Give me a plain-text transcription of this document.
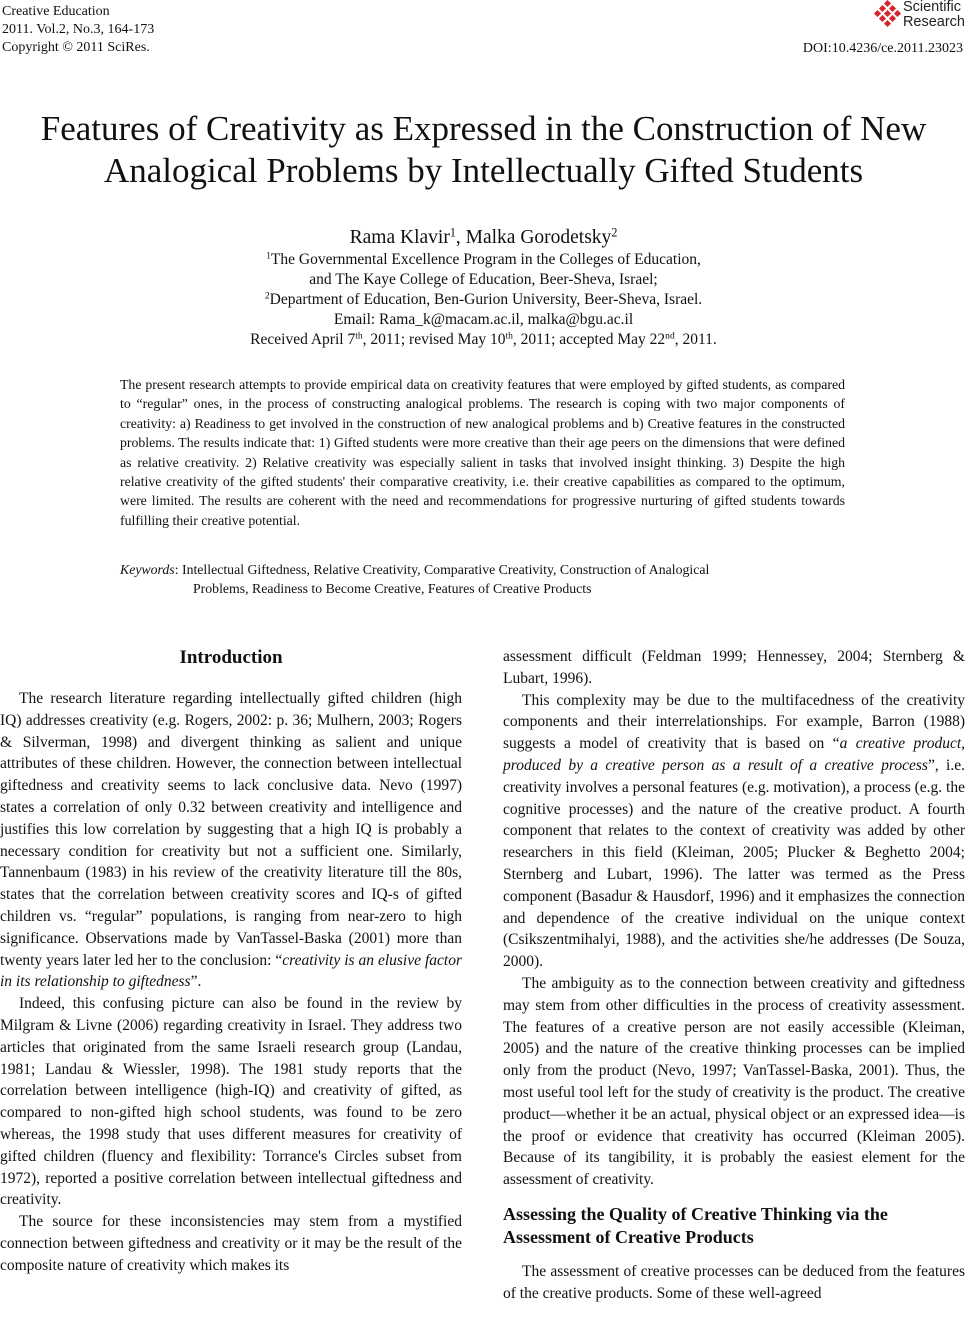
Creative Education
2011. Vol.2, No.3, 164-173
Copyright © 2011 SciRes.
Scientific
Research
DOI:10.4236/ce.2011.23023
Features of Creativity as Expressed in the Construction of New
Analogical Problems by Intellectually Gifted Students
Rama Klavir$^1$, Malka Gorodetsky$^2$
$^1$The Governmental Excellence Program in the Colleges of Education,
and The Kaye College of Education, Beer-Sheva, Israel;
$^2$Department of Education, Ben-Gurion University, Beer-Sheva, Israel.
Email: Rama_k@macam.ac.il, malka@bgu.ac.il
Received April 7th, 2011; revised May 10th, 2011; accepted May 22nd, 2011.
The present research attempts to provide empirical data on creativity features that were employed by gifted students, as compared to “regular” ones, in the process of constructing analogical problems. The research is coping with two major components of creativity: a) Readiness to get involved in the construction of new analogical problems and b) Creative features in the constructed problems. The results indicate that: 1) Gifted students were more creative than their age peers on the dimensions that were defined as relative creativity. 2) Relative creativity was especially salient in tasks that involved insight thinking. 3) Despite the high relative creativity of the gifted students' their comparative creativity, i.e. their creative capabilities as compared to the optimum, were limited. The results are coherent with the need and recommendations for progressive nurturing of gifted students towards fulfilling their creative potential.
Keywords: Intellectual Giftedness, Relative Creativity, Comparative Creativity, Construction of Analogical
Problems, Readiness to Become Creative, Features of Creative Products
Introduction

The research literature regarding intellectually gifted children (high IQ) addresses creativity (e.g. Rogers, 2002: p. 36; Mulhern, 2003; Rogers & Silverman, 1998) and divergent thinking as salient and unique attributes of these children. However, the connection between intellectual giftedness and creativity seems to lack conclusive data. Nevo (1997) states a correlation of only 0.32 between creativity and intelligence and justifies this low correlation by suggesting that a high IQ is probably a necessary condition for creativity but not a sufficient one. Similarly, Tannenbaum (1983) in his review of the creativity literature till the 80s, states that the correlation between creativity scores and IQ-s of gifted children vs. “regular” populations, is ranging from near-zero to high significance. Observations made by VanTassel-Baska (2001) more than twenty years later led her to the conclusion: “creativity is an elusive factor in its relationship to giftedness”.

Indeed, this confusing picture can also be found in the review by Milgram & Livne (2006) regarding creativity in Israel. They address two articles that originated from the same Israeli research group (Landau, 1981; Landau & Wiessler, 1998). The 1981 study reports that the correlation between intelligence (high-IQ) and creativity of gifted, as compared to non-gifted high school students, was found to be zero whereas, the 1998 study that uses different measures for creativity of gifted children (fluency and flexibility: Torrance's Circles subset from 1972), reported a positive correlation between intellectual giftedness and creativity.

The source for these inconsistencies may stem from a mystified connection between giftedness and creativity or it may be the result of the composite nature of creativity which makes its

assessment difficult (Feldman 1999; Hennessey, 2004; Sternberg & Lubart, 1996).

This complexity may be due to the multifacedness of the creativity components and their interrelationships. For example, Barron (1988) suggests a model of creativity that is based on “a creative product, produced by a creative person as a result of a creative process”, i.e. creativity involves a personal features (e.g. motivation), a process (e.g. the cognitive processes) and the nature of the creative product. A fourth component that relates to the context of creativity was added by other researchers in this field (Kleiman, 2005; Plucker & Beghetto 2004; Sternberg and Lubart, 1996). The latter was termed as the Press component (Basadur & Hausdorf, 1996) and it emphasizes the connection and dependence of the creative individual on the unique context (Csikszentmihalyi, 1988), and the activities she/he addresses (De Souza, 2000).

The ambiguity as to the connection between creativity and giftedness may stem from other difficulties in the process of creativity assessment. The features of a creative person are not easily accessible (Kleiman, 2005) and the nature of the creative thinking processes can be implied only from the product (Nevo, 1997; VanTassel-Baska, 2001). Thus, the most useful tool left for the study of creativity is the product. The creative product—whether it be an actual, physical object or an expressed idea—is the proof or evidence that creativity has occurred (Kleiman 2005). Because of its tangibility, it is probably the easiest element for the assessment of creativity.

Assessing the Quality of Creative Thinking via the
Assessment of Creative Products

The assessment of creative processes can be deduced from the features of the creative products. Some of these well-agreed
